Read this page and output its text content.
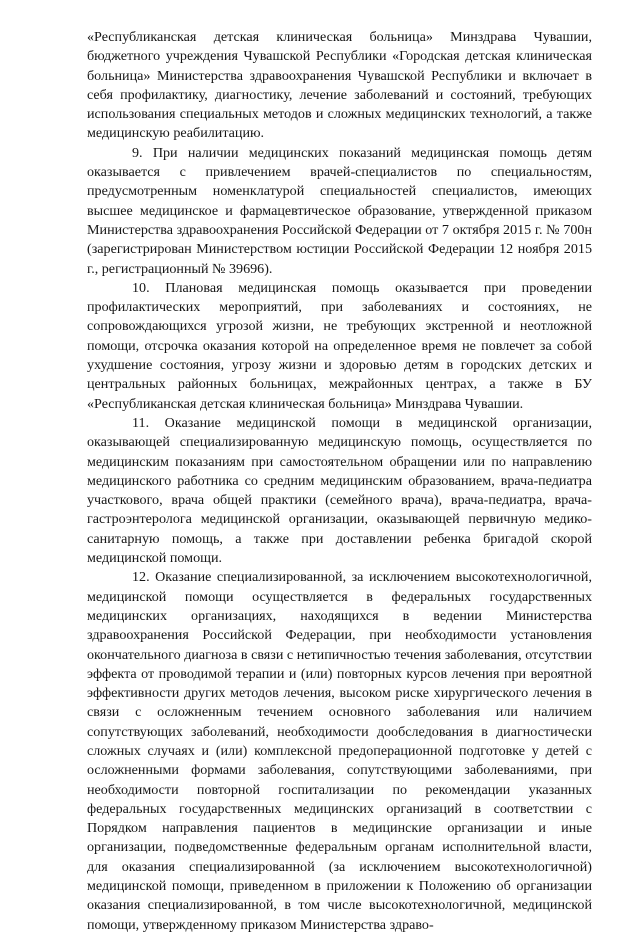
«Республиканская детская клиническая больница» Минздрава Чувашии, бюджетного учреждения Чувашской Республики «Городская детская клиническая больница» Министерства здравоохранения Чувашской Республики и включает в себя профилактику, диагностику, лечение заболеваний и состояний, требующих использования специальных методов и сложных медицинских технологий, а также медицинскую реабилитацию.

9. При наличии медицинских показаний медицинская помощь детям оказывается с привлечением врачей-специалистов по специальностям, предусмотренным номенклатурой специальностей специалистов, имеющих высшее медицинское и фармацевтическое образование, утвержденной приказом Министерства здравоохранения Российской Федерации от 7 октября 2015 г. № 700н (зарегистрирован Министерством юстиции Российской Федерации 12 ноября 2015 г., регистрационный № 39696).

10. Плановая медицинская помощь оказывается при проведении профилактических мероприятий, при заболеваниях и состояниях, не сопровождающихся угрозой жизни, не требующих экстренной и неотложной помощи, отсрочка оказания которой на определенное время не повлечет за собой ухудшение состояния, угрозу жизни и здоровью детям в городских детских и центральных районных больницах, межрайонных центрах, а также в БУ «Республиканская детская клиническая больница» Минздрава Чувашии.

11. Оказание медицинской помощи в медицинской организации, оказывающей специализированную медицинскую помощь, осуществляется по медицинским показаниям при самостоятельном обращении или по направлению медицинского работника со средним медицинским образованием, врача-педиатра участкового, врача общей практики (семейного врача), врача-педиатра, врача-гастроэнтеролога медицинской организации, оказывающей первичную медико-санитарную помощь, а также при доставлении ребенка бригадой скорой медицинской помощи.

12. Оказание специализированной, за исключением высокотехнологичной, медицинской помощи осуществляется в федеральных государственных медицинских организациях, находящихся в ведении Министерства здравоохранения Российской Федерации, при необходимости установления окончательного диагноза в связи с нетипичностью течения заболевания, отсутствии эффекта от проводимой терапии и (или) повторных курсов лечения при вероятной эффективности других методов лечения, высоком риске хирургического лечения в связи с осложненным течением основного заболевания или наличием сопутствующих заболеваний, необходимости дообследования в диагностически сложных случаях и (или) комплексной предоперационной подготовке у детей с осложненными формами заболевания, сопутствующими заболеваниями, при необходимости повторной госпитализации по рекомендации указанных федеральных государственных медицинских организаций в соответствии с Порядком направления пациентов в медицинские организации и иные организации, подведомственные федеральным органам исполнительной власти, для оказания специализированной (за исключением высокотехнологичной) медицинской помощи, приведенном в приложении к Положению об организации оказания специализированной, в том числе высокотехнологичной, медицинской помощи, утвержденному приказом Министерства здраво-
